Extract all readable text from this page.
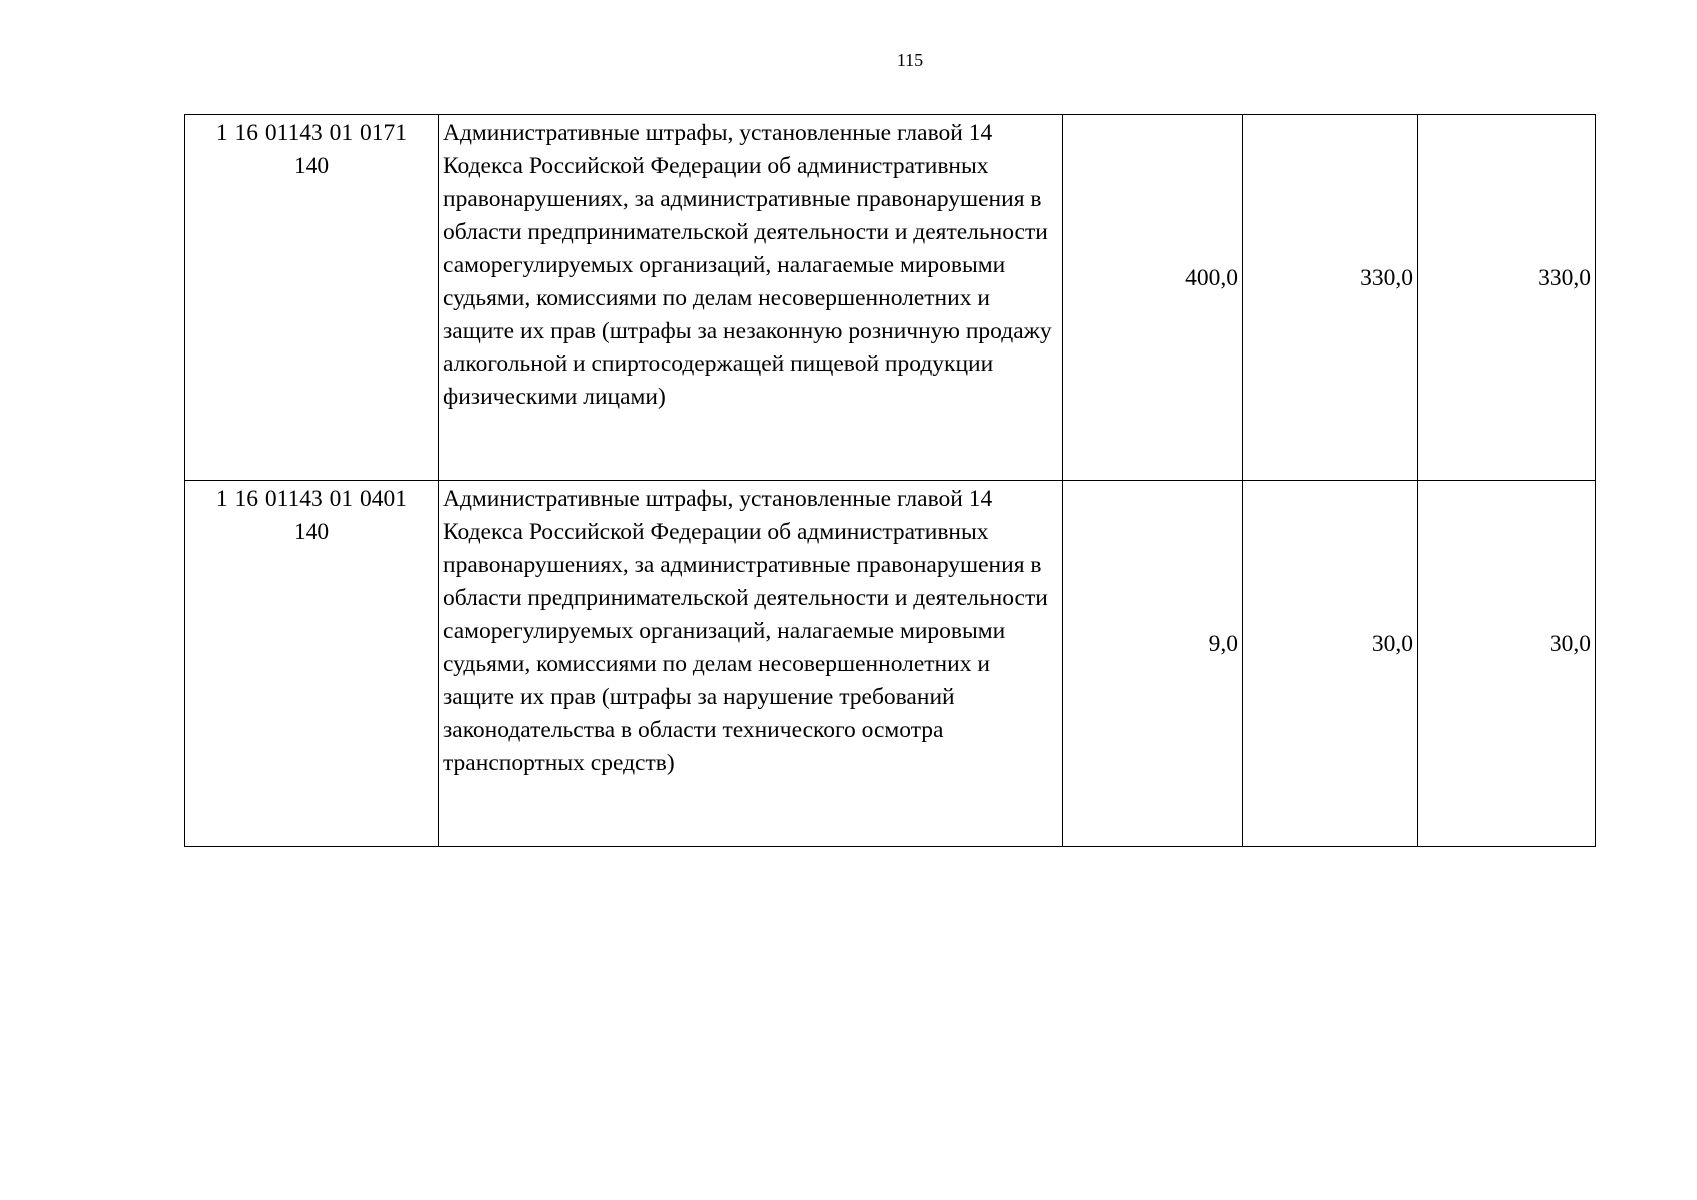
115
1 16 01143 01 0171 140	Административные штрафы, установленные главой 14 Кодекса Российской Федерации об административных правонарушениях, за административные правонарушения в области предпринимательской деятельности и деятельности саморегулируемых организаций, налагаемые мировыми судьями, комиссиями по делам несовершеннолетних и защите их прав (штрафы за незаконную розничную продажу алкогольной и спиртосодержащей пищевой продукции физическими лицами)	400,0	330,0	330,0

1 16 01143 01 0401 140	Административные штрафы, установленные главой 14 Кодекса Российской Федерации об административных правонарушениях, за административные правонарушения в области предпринимательской деятельности и деятельности саморегулируемых организаций, налагаемые мировыми судьями, комиссиями по делам несовершеннолетних и защите их прав (штрафы за нарушение требований законодательства в области технического осмотра транспортных средств)	9,0	30,0	30,0
